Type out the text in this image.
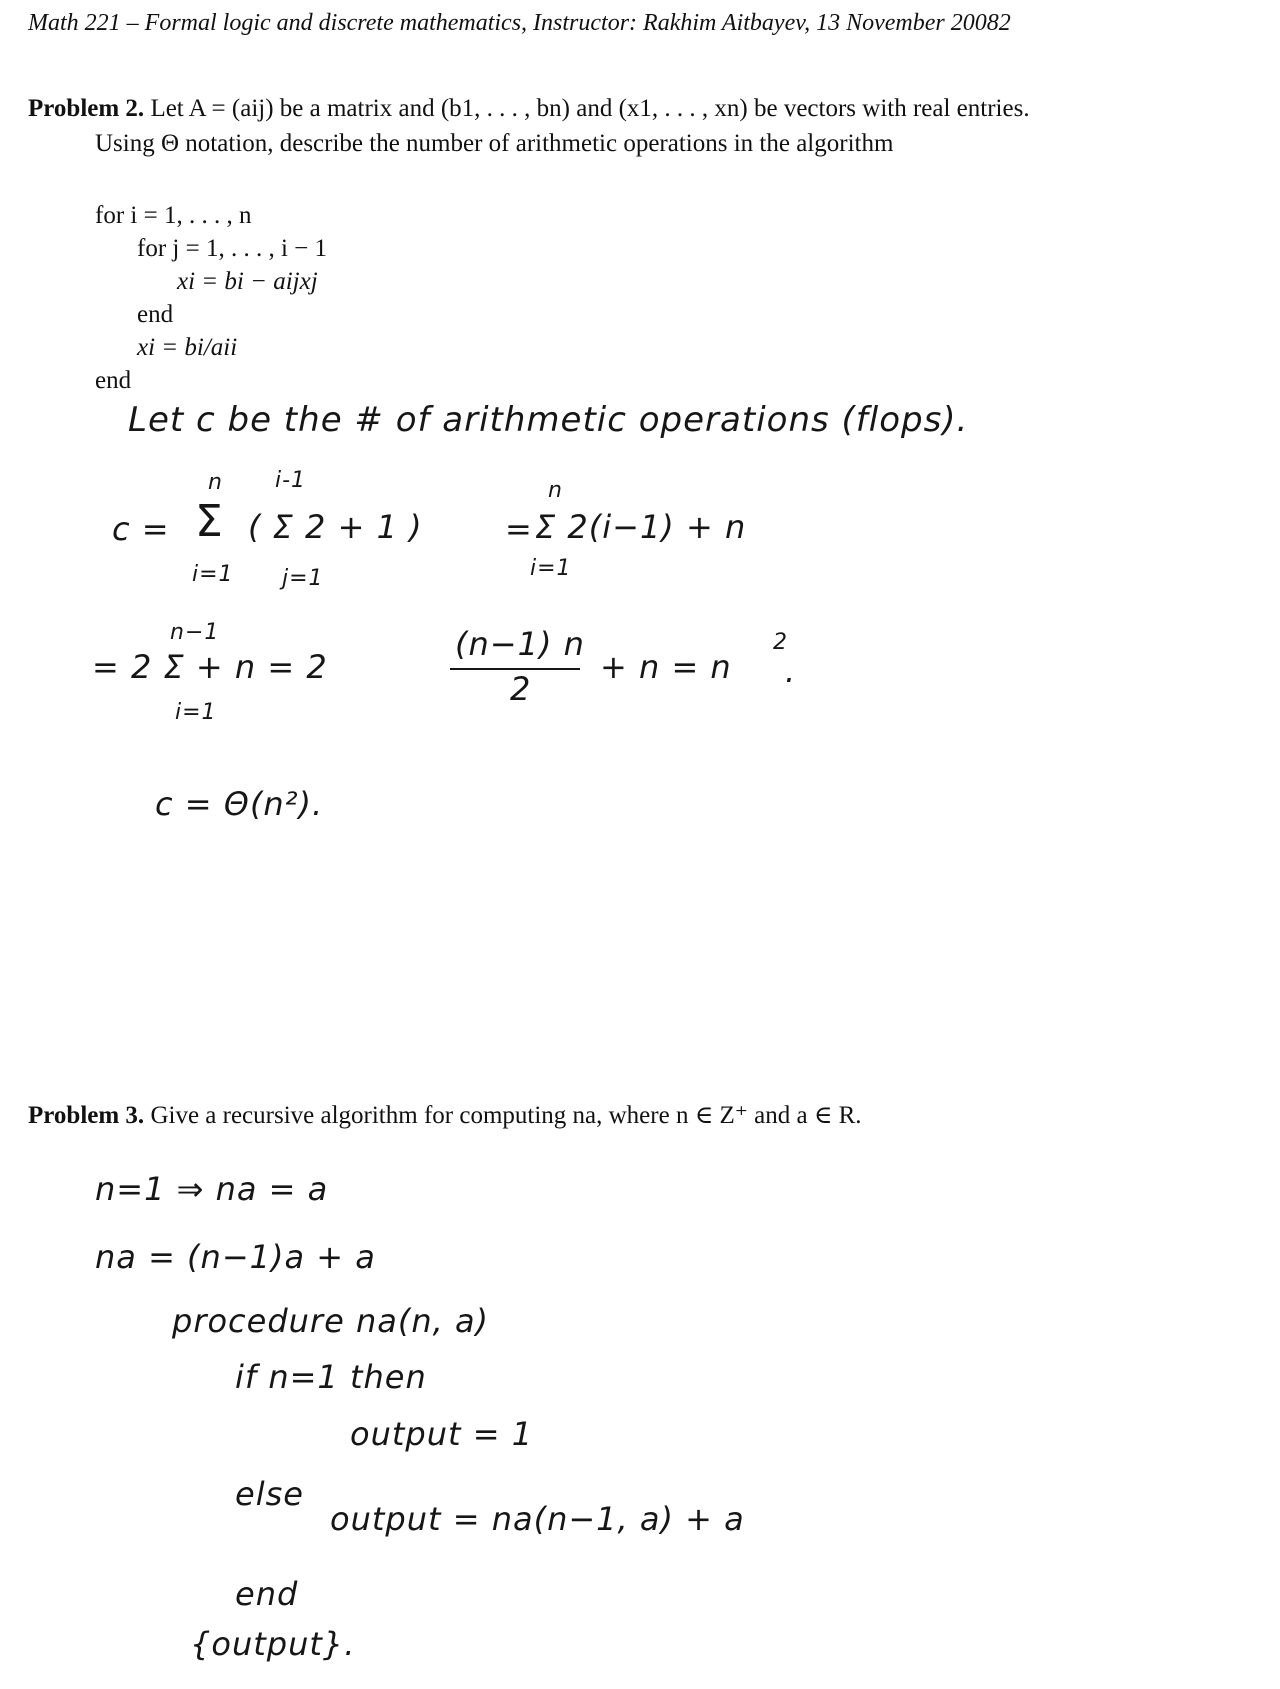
Math 221 – Formal logic and discrete mathematics, Instructor: Rakhim Aitbayev, 13 November 20082
Problem 2. Let A = (aij) be a matrix and (b1, . . . , bn) and (x1, . . . , xn) be vectors with real entries.
Using Θ notation, describe the number of arithmetic operations in the algorithm
for i = 1, . . . , n
for j = 1, . . . , i − 1
xi = bi − aijxj
end
xi = bi/aii
end
Let c be the # of arithmetic operations (flops).
c =
n
Σ
i=1
i-1
( Σ 2 + 1 )
j=1
=
n
Σ 2(i−1) + n
i=1
n−1
= 2 Σ + n = 2
i=1
(n−1) n
2
+ n = n
2
.
c = Θ(n²).
Problem 3. Give a recursive algorithm for computing na, where n ∈ Z⁺ and a ∈ R.
n=1 ⇒ na = a
na = (n−1)a + a
procedure na(n, a)
if n=1 then
output = 1
else
output = na(n−1, a) + a
end
{output}.
